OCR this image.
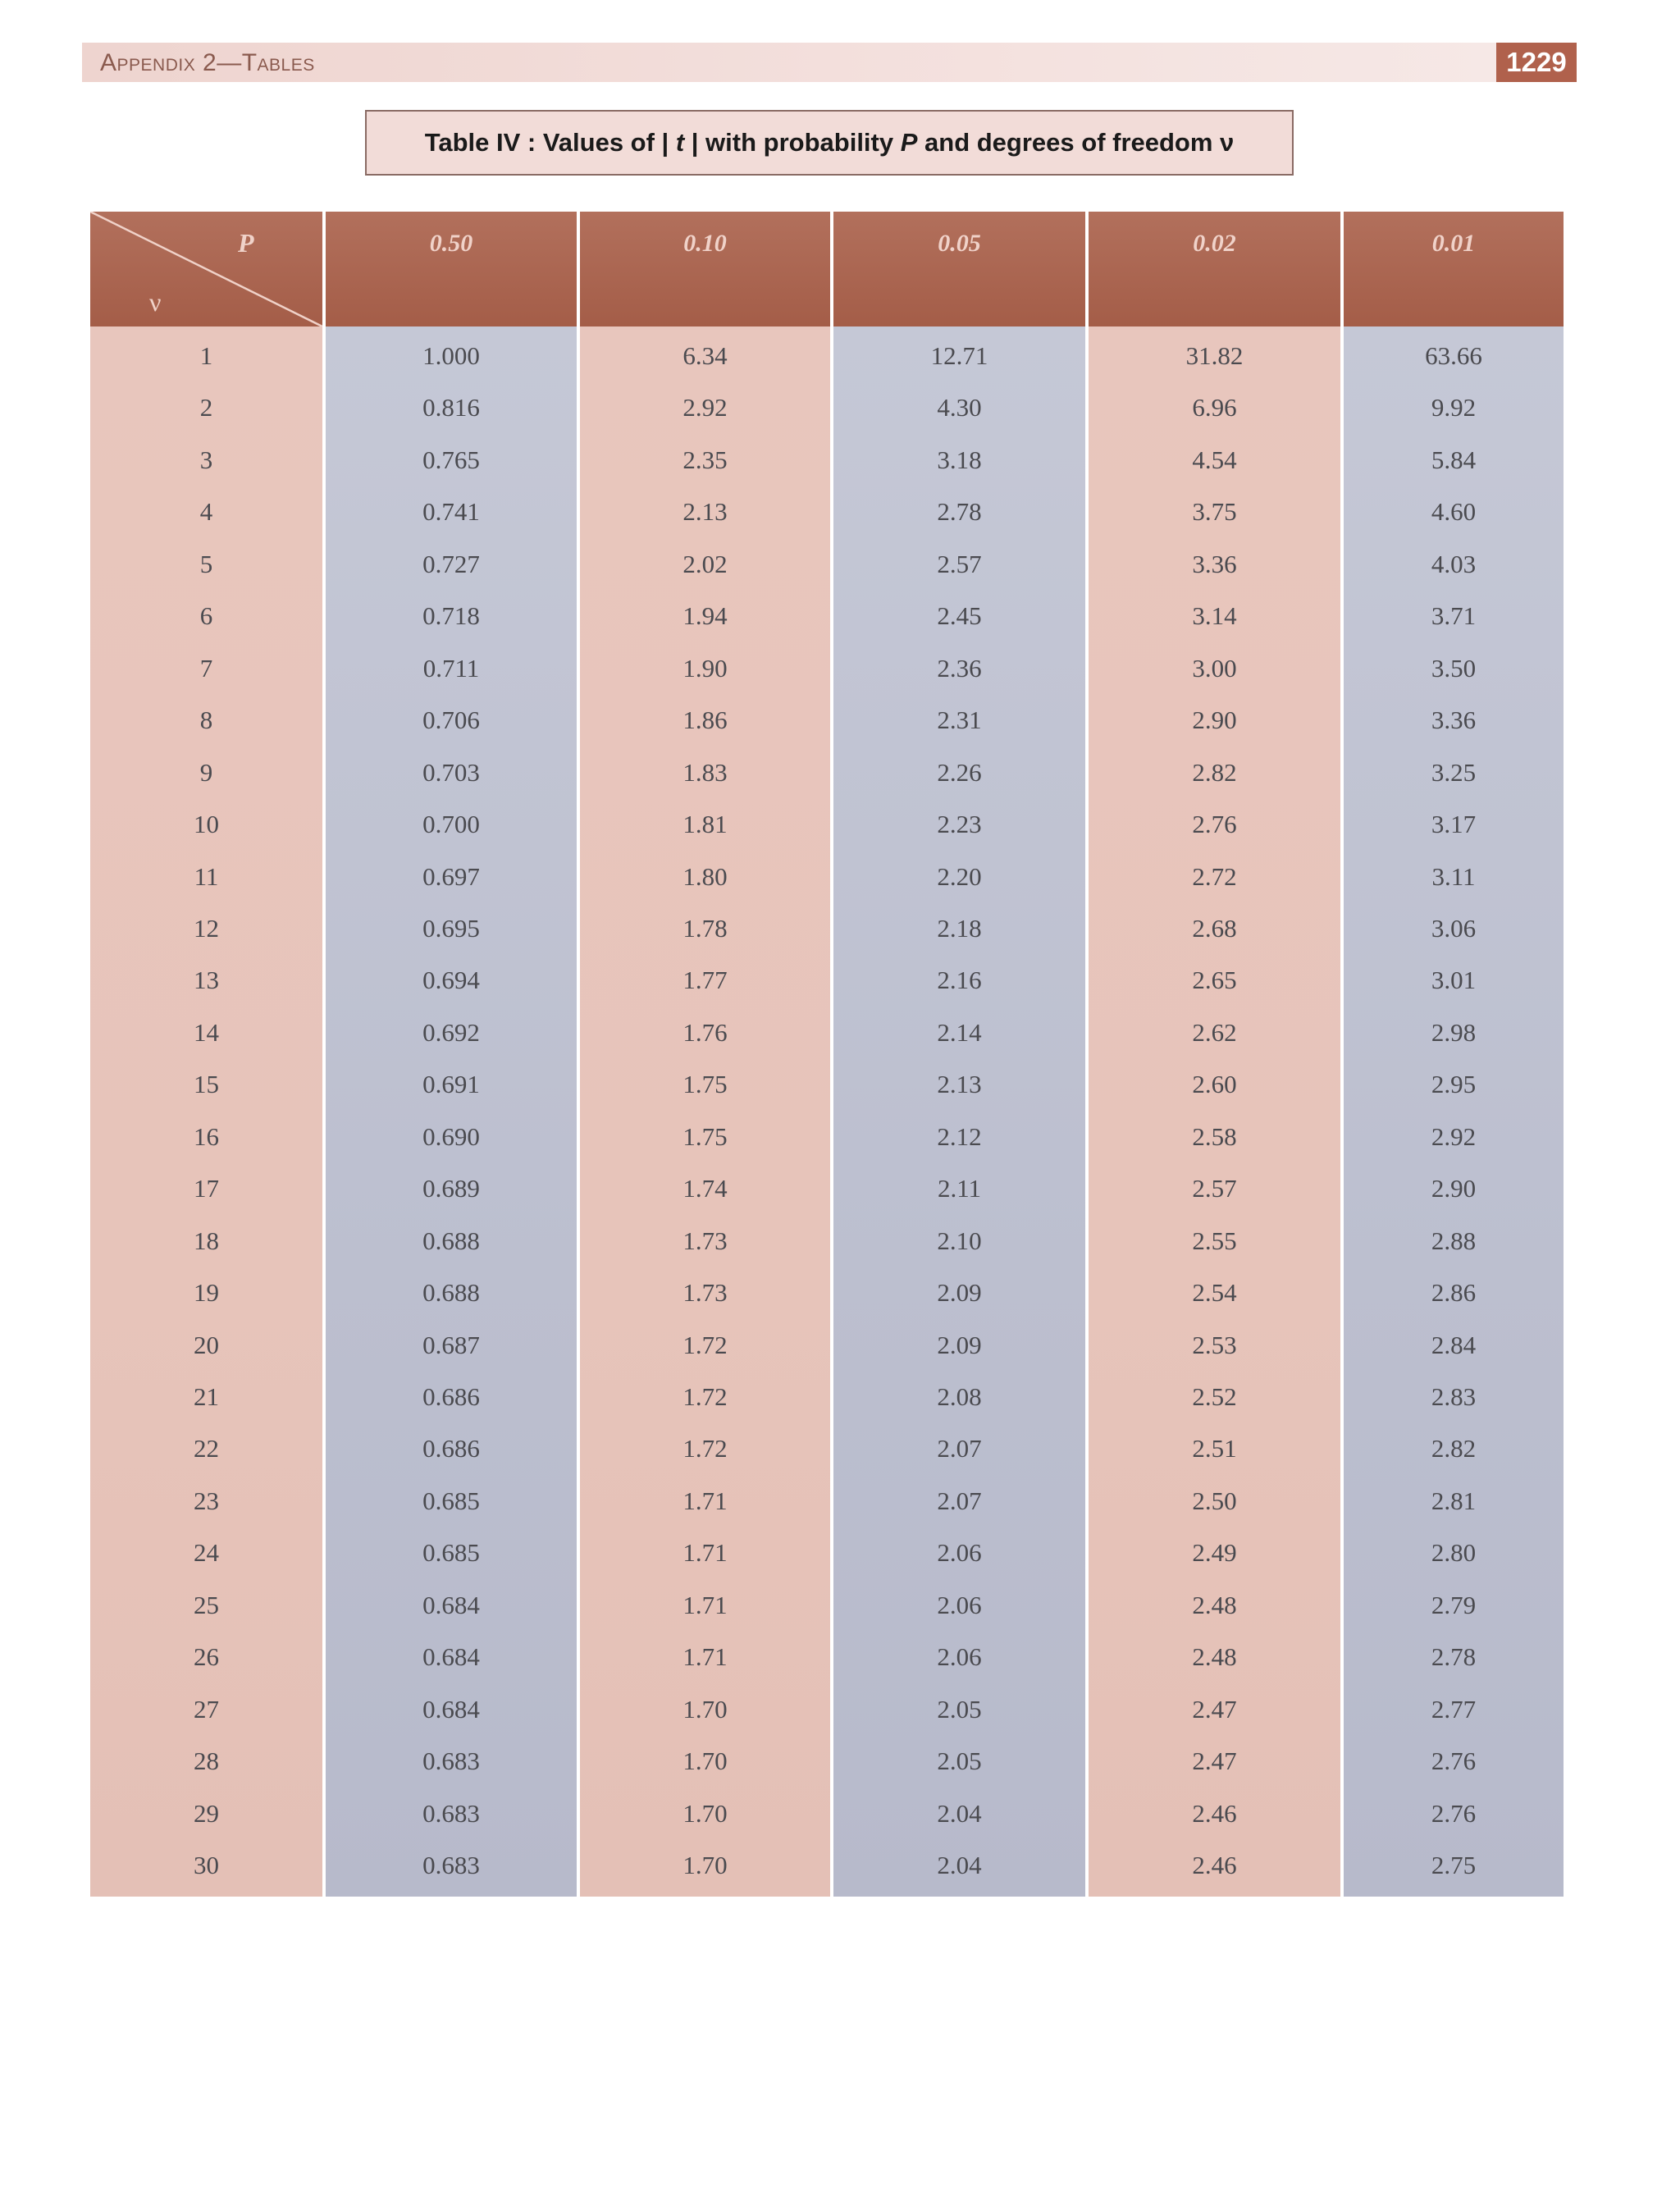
Appendix 2—Tables	1229
Table IV : Values of | t | with probability P and degrees of freedom ν
P
ν
1
2
3
4
5
6
7
8
9
10
11
12
13
14
15
16
17
18
19
20
21
22
23
24
25
26
27
28
29
30
0.50
1.000
0.816
0.765
0.741
0.727
0.718
0.711
0.706
0.703
0.700
0.697
0.695
0.694
0.692
0.691
0.690
0.689
0.688
0.688
0.687
0.686
0.686
0.685
0.685
0.684
0.684
0.684
0.683
0.683
0.683
0.10
6.34
2.92
2.35
2.13
2.02
1.94
1.90
1.86
1.83
1.81
1.80
1.78
1.77
1.76
1.75
1.75
1.74
1.73
1.73
1.72
1.72
1.72
1.71
1.71
1.71
1.71
1.70
1.70
1.70
1.70
0.05
12.71
4.30
3.18
2.78
2.57
2.45
2.36
2.31
2.26
2.23
2.20
2.18
2.16
2.14
2.13
2.12
2.11
2.10
2.09
2.09
2.08
2.07
2.07
2.06
2.06
2.06
2.05
2.05
2.04
2.04
0.02
31.82
6.96
4.54
3.75
3.36
3.14
3.00
2.90
2.82
2.76
2.72
2.68
2.65
2.62
2.60
2.58
2.57
2.55
2.54
2.53
2.52
2.51
2.50
2.49
2.48
2.48
2.47
2.47
2.46
2.46
0.01
63.66
9.92
5.84
4.60
4.03
3.71
3.50
3.36
3.25
3.17
3.11
3.06
3.01
2.98
2.95
2.92
2.90
2.88
2.86
2.84
2.83
2.82
2.81
2.80
2.79
2.78
2.77
2.76
2.76
2.75
